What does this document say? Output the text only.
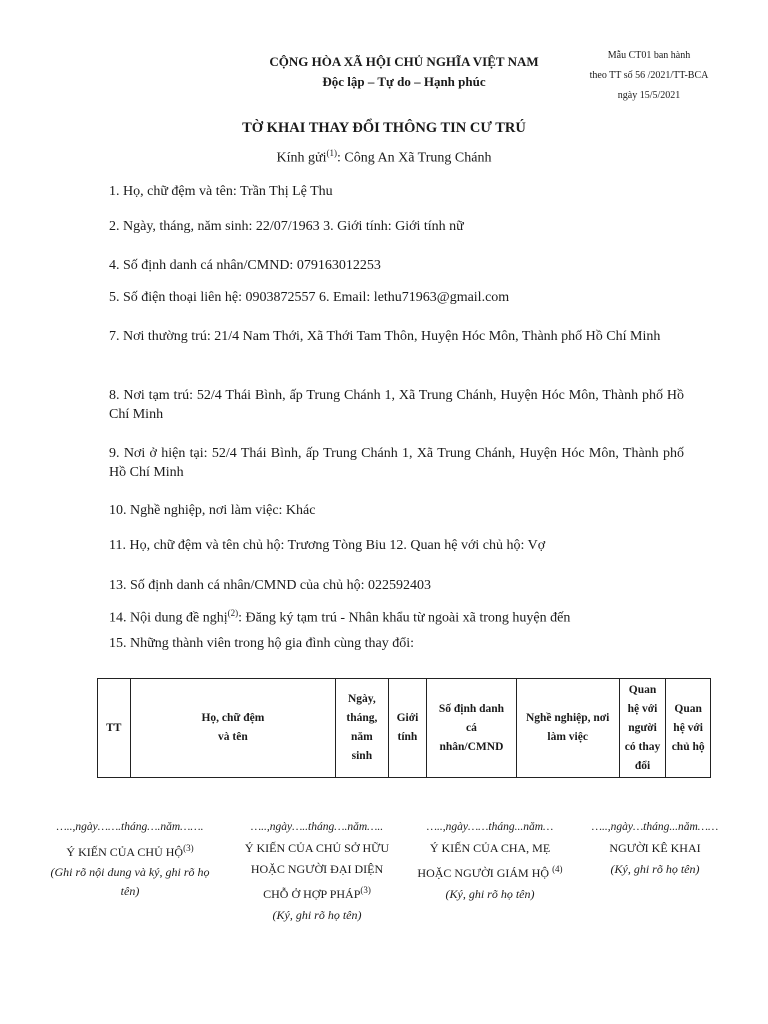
CỘNG HÒA XÃ HỘI CHỦ NGHĨA VIỆT NAM
Độc lập – Tự do – Hạnh phúc
Mẫu CT01 ban hành
theo TT số 56 /2021/TT-BCA
ngày 15/5/2021
TỜ KHAI THAY ĐỔI THÔNG TIN CƯ TRÚ
Kính gửi$^{(1)}$: Công An Xã Trung Chánh
1. Họ, chữ đệm và tên: Trần Thị Lệ Thu
2. Ngày, tháng, năm sinh: 22/07/1963 3. Giới tính: Giới tính nữ
4. Số định danh cá nhân/CMND: 079163012253
5. Số điện thoại liên hệ: 0903872557 6. Email: lethu71963@gmail.com
7. Nơi thường trú: 21/4 Nam Thới, Xã Thới Tam Thôn, Huyện Hóc Môn, Thành phố Hồ Chí Minh
8. Nơi tạm trú: 52/4 Thái Bình, ấp Trung Chánh 1, Xã Trung Chánh, Huyện Hóc Môn, Thành phố Hồ Chí Minh
9. Nơi ở hiện tại: 52/4 Thái Bình, ấp Trung Chánh 1, Xã Trung Chánh, Huyện Hóc Môn, Thành phố Hồ Chí Minh
10. Nghề nghiệp, nơi làm việc: Khác
11. Họ, chữ đệm và tên chủ hộ: Trương Tòng Biu 12. Quan hệ với chủ hộ: Vợ
13. Số định danh cá nhân/CMND của chủ hộ: 022592403
14. Nội dung đề nghị$^{(2)}$: Đăng ký tạm trú - Nhân khẩu từ ngoài xã trong huyện đến
15. Những thành viên trong hộ gia đình cùng thay đổi:
TT	Họ, chữ đệm
và tên	Ngày,
tháng,
năm
sinh	Giới
tính	Số định danh
cá
nhân/CMND	Nghề nghiệp, nơi
làm việc	Quan
hệ với
người
có thay
đổi	Quan
hệ với
chủ hộ
…..,ngày…….tháng….năm…….
Ý KIẾN CỦA CHỦ HỘ$^{(3)}$
(Ghi rõ nội dung và ký, ghi rõ họ tên)
…..,ngày…..tháng….năm…..
Ý KIẾN CỦA CHỦ SỞ HỮU
HOẶC NGƯỜI ĐẠI DIỆN
CHỖ Ở HỢP PHÁP$^{(3)}$
(Ký, ghi rõ họ tên)
…..,ngày……tháng...năm…
Ý KIẾN CỦA CHA, MẸ
HOẶC NGƯỜI GIÁM HỘ $^{(4)}$
(Ký, ghi rõ họ tên)
…..,ngày…tháng...năm……
NGƯỜI KÊ KHAI
(Ký, ghi rõ họ tên)
